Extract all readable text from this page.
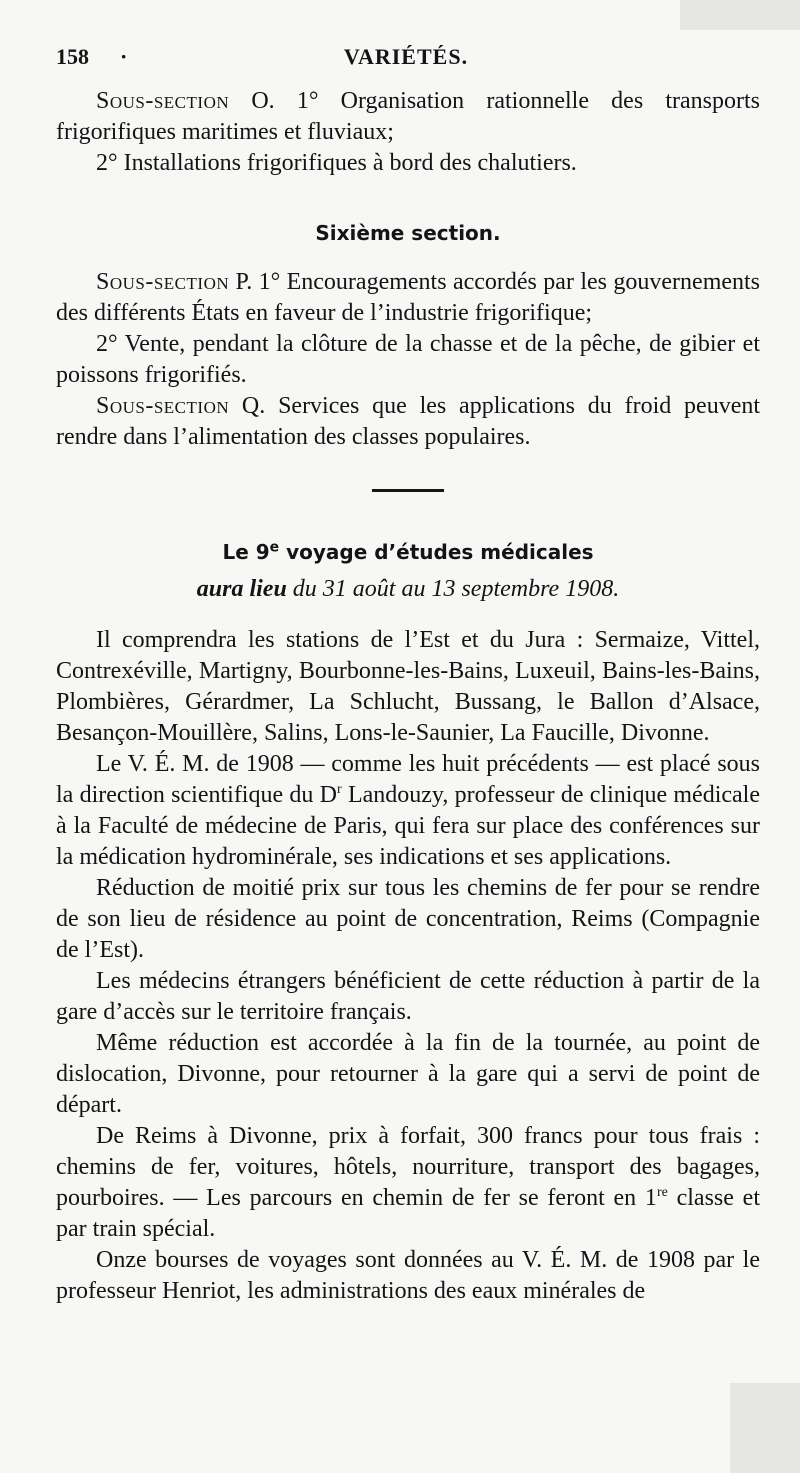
158 ·	VARIÉTÉS.

Sous-section O. 1° Organisation rationnelle des transports frigorifiques maritimes et fluviaux;

2° Installations frigorifiques à bord des chalutiers.

Sixième section.

Sous-section P. 1° Encouragements accordés par les gouvernements des différents États en faveur de l’industrie frigorifique;

2° Vente, pendant la clôture de la chasse et de la pêche, de gibier et poissons frigorifiés.

Sous-section Q. Services que les applications du froid peuvent rendre dans l’alimentation des classes populaires.

Le 9e voyage d’études médicales
aura lieu du 31 août au 13 septembre 1908.

Il comprendra les stations de l’Est et du Jura : Sermaize, Vittel, Contrexéville, Martigny, Bourbonne-les-Bains, Luxeuil, Bains-les-Bains, Plombières, Gérardmer, La Schlucht, Bussang, le Ballon d’Alsace, Besançon-Mouillère, Salins, Lons-le-Saunier, La Faucille, Divonne.

Le V. É. M. de 1908 — comme les huit précédents — est placé sous la direction scientifique du $D^r$ Landouzy, professeur de clinique médicale à la Faculté de médecine de Paris, qui fera sur place des conférences sur la médication hydrominérale, ses indications et ses applications.

Réduction de moitié prix sur tous les chemins de fer pour se rendre de son lieu de résidence au point de concentration, Reims (Compagnie de l’Est).

Les médecins étrangers bénéficient de cette réduction à partir de la gare d’accès sur le territoire français.

Même réduction est accordée à la fin de la tournée, au point de dislocation, Divonne, pour retourner à la gare qui a servi de point de départ.

De Reims à Divonne, prix à forfait, 300 francs pour tous frais : chemins de fer, voitures, hôtels, nourriture, transport des bagages, pourboires. — Les parcours en chemin de fer se feront en 1re classe et par train spécial.

Onze bourses de voyages sont données au V. É. M. de 1908 par le professeur Henriot, les administrations des eaux minérales de
